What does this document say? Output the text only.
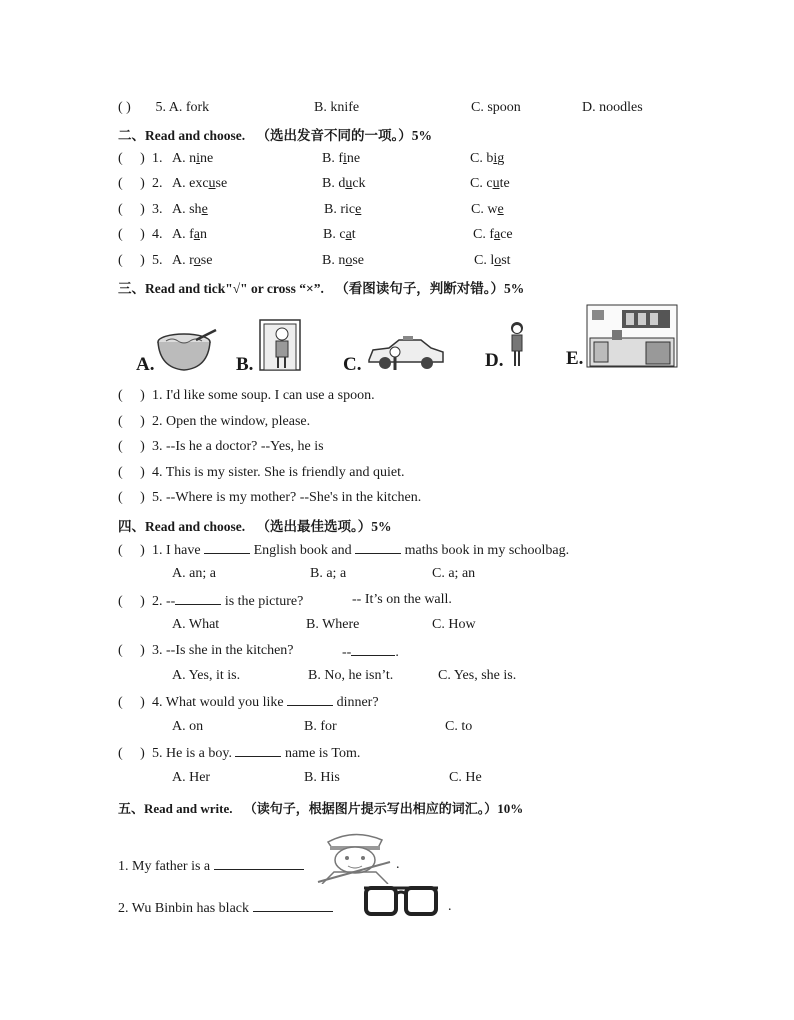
( ) 5. A. fork	B. knife	C. spoon	D. noodles
二、Read and choose. （选出发音不同的一项。）5%
(     ) 1. A. nine	B. fine	C. big
(     ) 2. A. excuse	B. duck	C. cute
(     ) 3. A. she	B. rice	C. we
(     ) 4. A. fan	B. cat	C. face
(     ) 5. A. rose	B. nose	C. lost
三、Read and tick"√" or cross “×”. （看图读句子，判断对错。）5%
A.	B.	C.	D.	E.
(     ) 1. I'd like some soup. I can use a spoon.
(     ) 2. Open the window, please.
(     ) 3. --Is he a doctor? --Yes, he is
(     ) 4. This is my sister. She is friendly and quiet.
(     ) 5. --Where is my mother? --She's in the kitchen.
四、Read and choose. （选出最佳选项。）5%
(     ) 1. I have	English book and	maths book in my schoolbag.
A. an; a	B. a; a	C. a; an
(     ) 2. --	is the picture?	-- It’s on the wall.
A. What	B. Where	C. How
(     ) 3. --Is she in the kitchen?	--	.
A. Yes, it is.	B. No, he isn’t.	C. Yes, she is.
(     ) 4. What would you like	dinner?
A. on	B. for	C. to
(     ) 5. He is a boy.	name is Tom.
A. Her	B. His	C. He
五、Read and write. （读句子，根据图片提示写出相应的词汇。）10%
1. My father is a	.
2. Wu Binbin has black	.
